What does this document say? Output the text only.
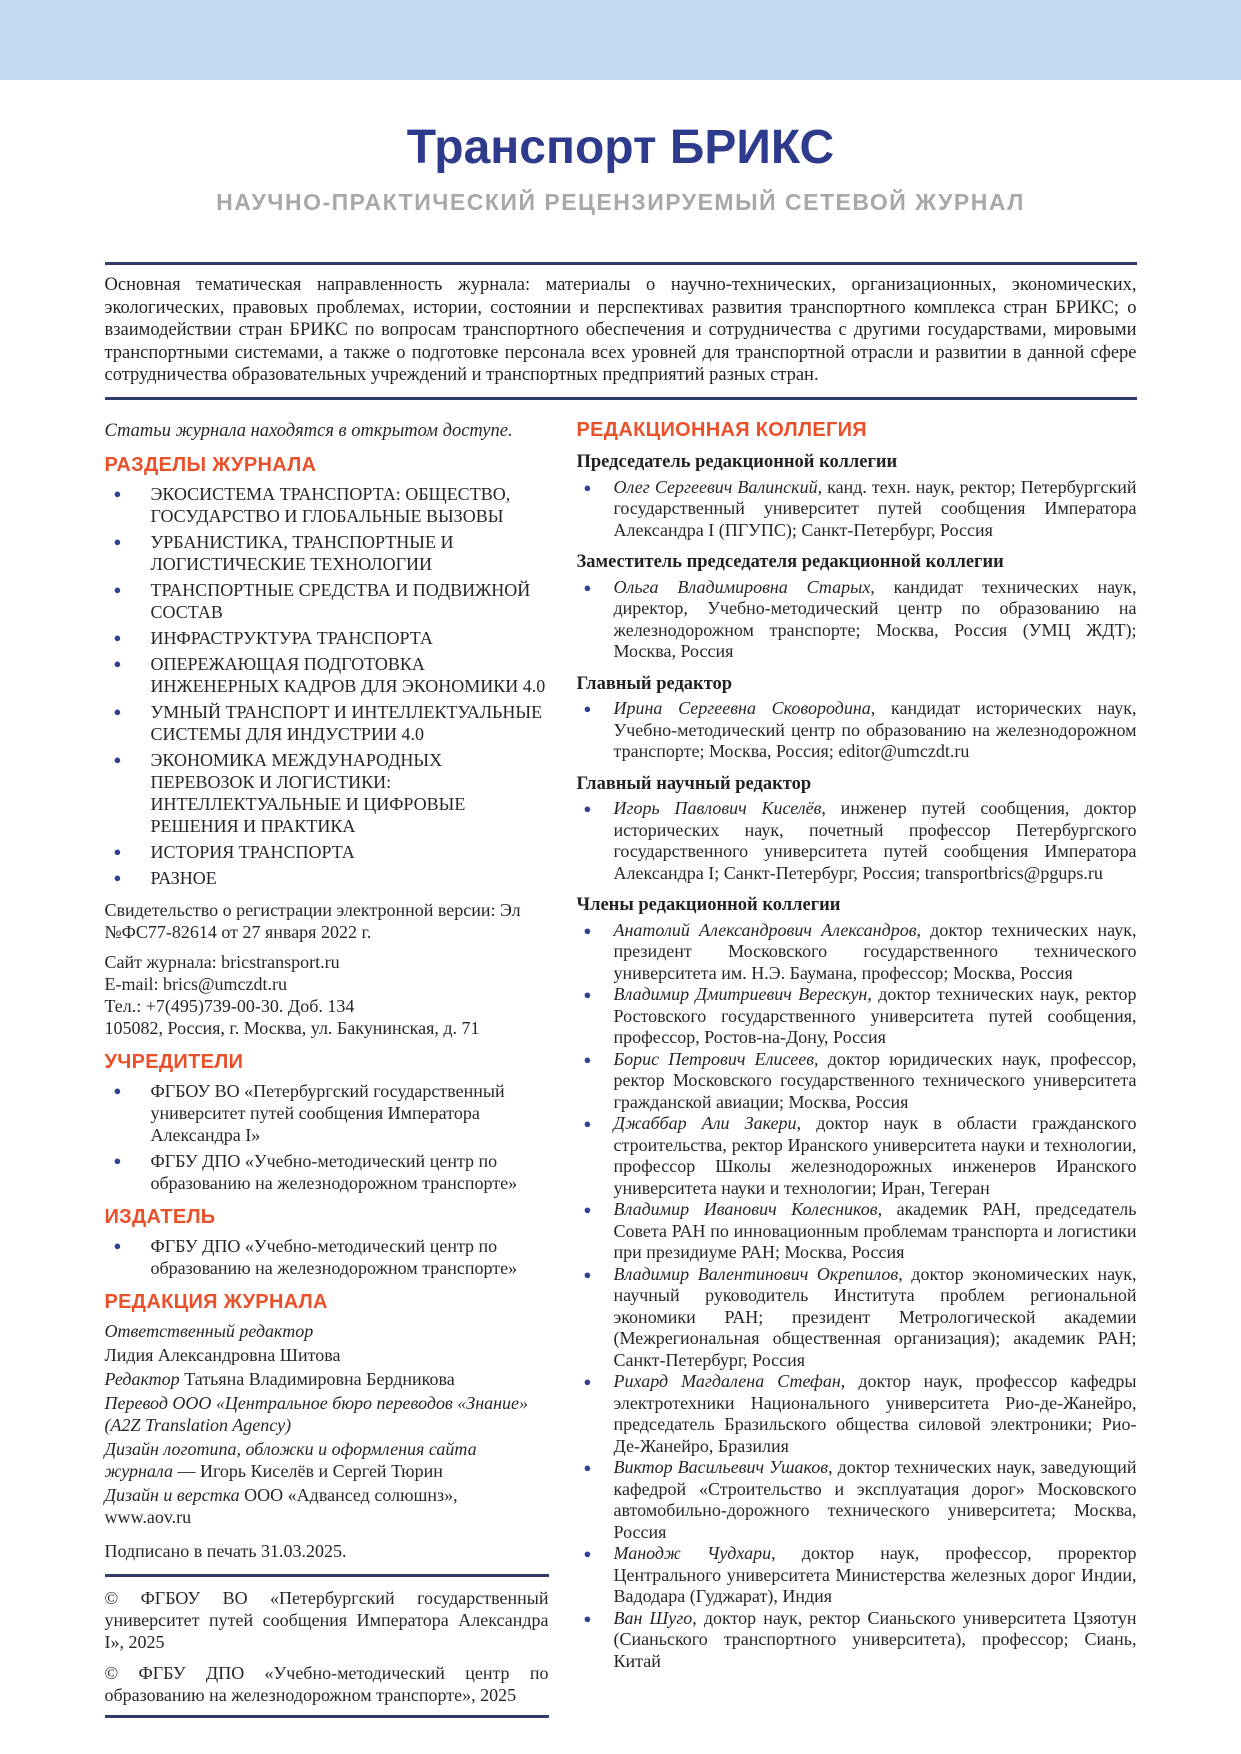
Транспорт БРИКС
НАУЧНО-ПРАКТИЧЕСКИЙ РЕЦЕНЗИРУЕМЫЙ СЕТЕВОЙ ЖУРНАЛ

Основная тематическая направленность журнала: материалы о научно-технических, организационных, экономических, экологических, правовых проблемах, истории, состоянии и перспективах развития транспортного комплекса стран БРИКС; о взаимодействии стран БРИКС по вопросам транспортного обеспечения и сотрудничества с другими государствами, мировыми транспортными системами, а также о подготовке персонала всех уровней для транспортной отрасли и развитии в данной сфере сотрудничества образовательных учреждений и транспортных предприятий разных стран.

Статьи журнала находятся в открытом доступе.

РАЗДЕЛЫ ЖУРНАЛА
● ЭКОСИСТЕМА ТРАНСПОРТА: ОБЩЕСТВО, ГОСУДАРСТВО И ГЛОБАЛЬНЫЕ ВЫЗОВЫ
● УРБАНИСТИКА, ТРАНСПОРТНЫЕ И ЛОГИСТИЧЕСКИЕ ТЕХНОЛОГИИ
● ТРАНСПОРТНЫЕ СРЕДСТВА И ПОДВИЖНОЙ СОСТАВ
● ИНФРАСТРУКТУРА ТРАНСПОРТА
● ОПЕРЕЖАЮЩАЯ ПОДГОТОВКА ИНЖЕНЕРНЫХ КАДРОВ ДЛЯ ЭКОНОМИКИ 4.0
● УМНЫЙ ТРАНСПОРТ И ИНТЕЛЛЕКТУАЛЬНЫЕ СИСТЕМЫ ДЛЯ ИНДУСТРИИ 4.0
● ЭКОНОМИКА МЕЖДУНАРОДНЫХ ПЕРЕВОЗОК И ЛОГИСТИКИ: ИНТЕЛЛЕКТУАЛЬНЫЕ И ЦИФРОВЫЕ РЕШЕНИЯ И ПРАКТИКА
● ИСТОРИЯ ТРАНСПОРТА
● РАЗНОЕ

Свидетельство о регистрации электронной версии: Эл №ФС77-82614 от 27 января 2022 г.

Сайт журнала: bricstransport.ru
E-mail: brics@umczdt.ru
Тел.: +7(495)739-00-30. Доб. 134
105082, Россия, г. Москва, ул. Бакунинская, д. 71
УЧРЕДИТЕЛИ
● ФГБОУ ВО «Петербургский государственный университет путей сообщения Императора Александра I»
● ФГБУ ДПО «Учебно-методический центр по образованию на железнодорожном транспорте»
ИЗДАТЕЛЬ
● ФГБУ ДПО «Учебно-методический центр по образованию на железнодорожном транспорте»
РЕДАКЦИЯ ЖУРНАЛА
Ответственный редактор
Лидия Александровна Шитова
Редактор Татьяна Владимировна Бердникова
Перевод ООО «Центральное бюро переводов «Знание» (A2Z Translation Agency)
Дизайн логотипа, обложки и оформления сайта журнала — Игорь Киселёв и Сергей Тюрин
Дизайн и верстка ООО «Адвансед солюшнз», www.aov.ru

Подписано в печать 31.03.2025.

© ФГБОУ ВО «Петербургский государственный университет путей сообщения Императора Александра I», 2025

© ФГБУ ДПО «Учебно-методический центр по образованию на железнодорожном транспорте», 2025

РЕДАКЦИОННАЯ КОЛЛЕГИЯ
Председатель редакционной коллегии
● Олег Сергеевич Валинский, канд. техн. наук, ректор; Петербургский государственный университет путей сообщения Императора Александра I (ПГУПС); Санкт-Петербург, Россия
Заместитель председателя редакционной коллегии
● Ольга Владимировна Старых, кандидат технических наук, директор, Учебно-методический центр по образованию на железнодорожном транспорте; Москва, Россия (УМЦ ЖДТ); Москва, Россия
Главный редактор
● Ирина Сергеевна Сковородина, кандидат исторических наук, Учебно-методический центр по образованию на железнодорожном транспорте; Москва, Россия; editor@umczdt.ru
Главный научный редактор
● Игорь Павлович Киселёв, инженер путей сообщения, доктор исторических наук, почетный профессор Петербургского государственного университета путей сообщения Императора Александра I; Санкт-Петербург, Россия; transportbrics@pgups.ru
Члены редакционной коллегии
● Анатолий Александрович Александров, доктор технических наук, президент Московского государственного технического университета им. Н.Э. Баумана, профессор; Москва, Россия
● Владимир Дмитриевич Верескун, доктор технических наук, ректор Ростовского государственного университета путей сообщения, профессор, Ростов-на-Дону, Россия
● Борис Петрович Елисеев, доктор юридических наук, профессор, ректор Московского государственного технического университета гражданской авиации; Москва, Россия
● Джаббар Али Закери, доктор наук в области гражданского строительства, ректор Иранского университета науки и технологии, профессор Школы железнодорожных инженеров Иранского университета науки и технологии; Иран, Тегеран
● Владимир Иванович Колесников, академик РАН, председатель Совета РАН по инновационным проблемам транспорта и логистики при президиуме РАН; Москва, Россия
● Владимир Валентинович Окрепилов, доктор экономических наук, научный руководитель Института проблем региональной экономики РАН; президент Метрологической академии (Межрегиональная общественная организация); академик РАН; Санкт-Петербург, Россия
● Рихард Магдалена Стефан, доктор наук, профессор кафедры электротехники Национального университета Рио-де-Жанейро, председатель Бразильского общества силовой электроники; Рио-Де-Жанейро, Бразилия
● Виктор Васильевич Ушаков, доктор технических наук, заведующий кафедрой «Строительство и эксплуатация дорог» Московского автомобильно-дорожного технического университета; Москва, Россия
● Манодж Чудхари, доктор наук, профессор, проректор Центрального университета Министерства железных дорог Индии, Вадодара (Гуджарат), Индия
● Ван Шуго, доктор наук, ректор Сианьского университета Цзяотун (Сианьского транспортного университета), профессор; Сиань, Китай
